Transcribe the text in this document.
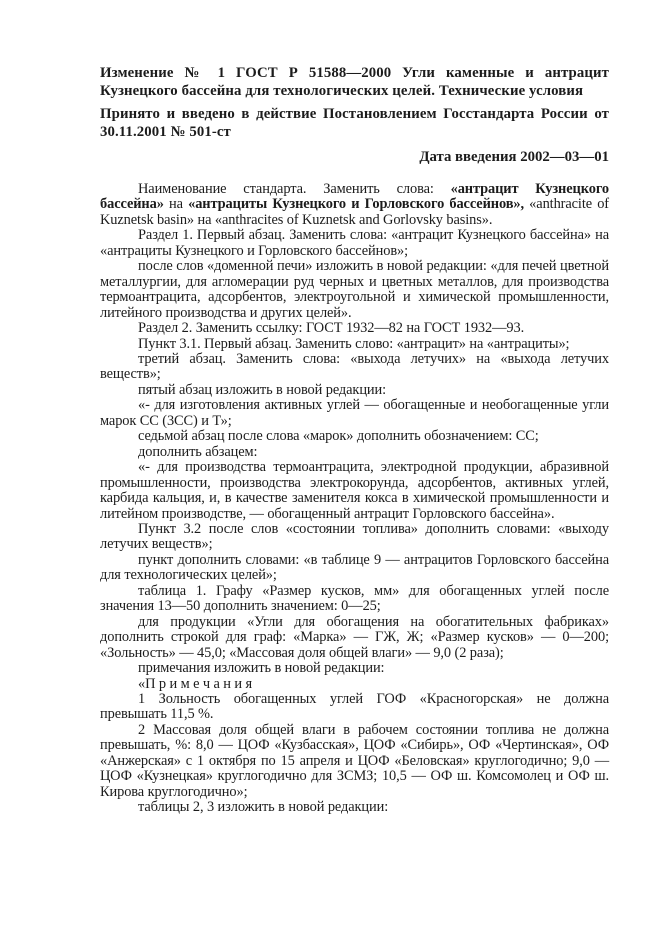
Изменение № 1 ГОСТ Р 51588—2000 Угли каменные и антрацит Кузнецкого бассейна для технологических целей. Технические условия

Принято и введено в действие Постановлением Госстандарта России от 30.11.2001 № 501-ст

Дата введения 2002—03—01

Наименование стандарта. Заменить слова: «антрацит Кузнецкого бассейна» на «антрациты Кузнецкого и Горловского бассейнов», «anthracite of Kuznetsk basin» на «anthracites of Kuznetsk and Gorlovsky basins».

Раздел 1. Первый абзац. Заменить слова: «антрацит Кузнецкого бассейна» на «антрациты Кузнецкого и Горловского бассейнов»;

после слов «доменной печи» изложить в новой редакции: «для печей цветной металлургии, для агломерации руд черных и цветных металлов, для производства термоантрацита, адсорбентов, электроугольной и химической промышленности, литейного производства и других целей».

Раздел 2. Заменить ссылку: ГОСТ 1932—82 на ГОСТ 1932—93.

Пункт 3.1. Первый абзац. Заменить слово: «антрацит» на «антрациты»;

третий абзац. Заменить слова: «выхода летучих» на «выхода летучих веществ»;

пятый абзац изложить в новой редакции:

«- для изготовления активных углей — обогащенные и необогащенные угли марок СС (3СС) и Т»;

седьмой абзац после слова «марок» дополнить обозначением: СС;

дополнить абзацем:

«- для производства термоантрацита, электродной продукции, абразивной промышленности, производства электрокорунда, адсорбентов, активных углей, карбида кальция, и, в качестве заменителя кокса в химической промышленности и литейном производстве, — обогащенный антрацит Горловского бассейна».

Пункт 3.2 после слов «состоянии топлива» дополнить словами: «выходу летучих веществ»;

пункт дополнить словами: «в таблице 9 — антрацитов Горловского бассейна для технологических целей»;

таблица 1. Графу «Размер кусков, мм» для обогащенных углей после значения 13—50 дополнить значением: 0—25;

для продукции «Угли для обогащения на обогатительных фабриках» дополнить строкой для граф: «Марка» — ГЖ, Ж; «Размер кусков» — 0—200; «Зольность» — 45,0; «Массовая доля общей влаги» — 9,0 (2 раза);

примечания изложить в новой редакции:

«П р и м е ч а н и я

1 Зольность обогащенных углей ГОФ «Красногорская» не должна превышать 11,5 %.

2 Массовая доля общей влаги в рабочем состоянии топлива не должна превышать, %: 8,0 — ЦОФ «Кузбасская», ЦОФ «Сибирь», ОФ «Чертинская», ОФ «Анжерская» с 1 октября по 15 апреля и ЦОФ «Беловская» круглогодично; 9,0 — ЦОФ «Кузнецкая» круглогодично для ЗСМЗ; 10,5 — ОФ ш. Комсомолец и ОФ ш. Кирова круглогодично»;

таблицы 2, 3 изложить в новой редакции:
